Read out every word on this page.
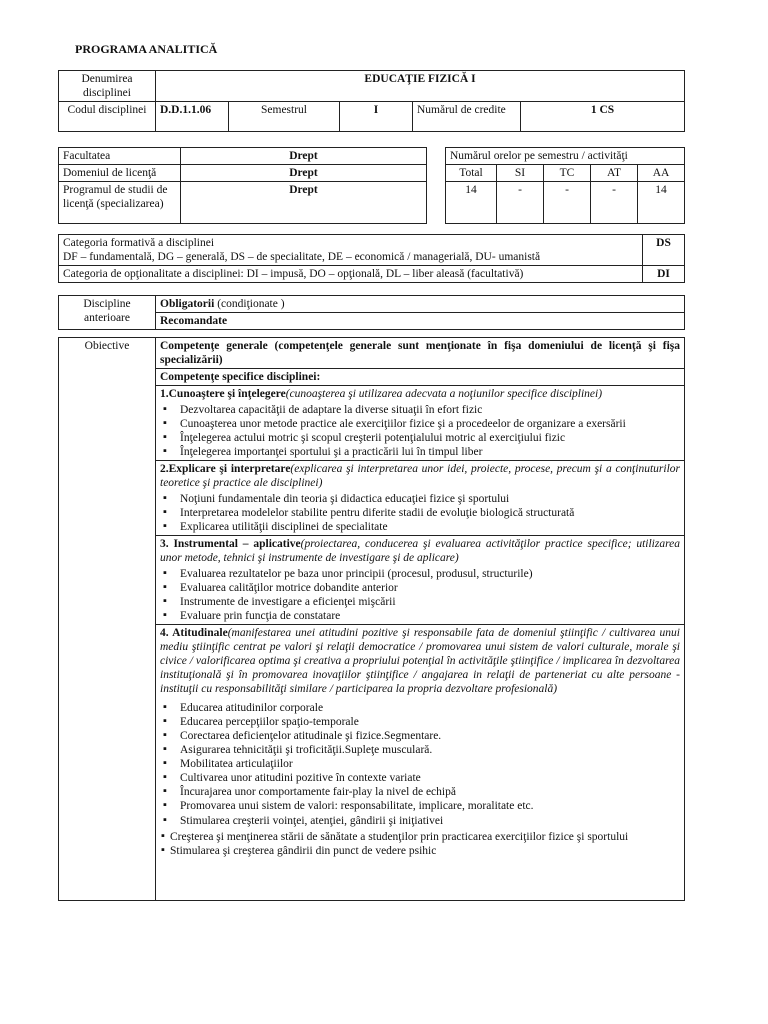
PROGRAMA ANALITICĂ
Denumirea disciplinei	EDUCAŢIE FIZICĂ I				
Codul disciplinei	D.D.1.1.06	Semestrul	I	Numărul de credite	1 CS
Facultatea	Drept
Domeniul de licenţă	Drept
Programul de studii de licenţă (specializarea)	Drept
Numărul orelor pe semestru / activităţi				
Total	SI	TC	AT	AA
14	-	-	-	14
Categoria formativă a disciplinei
DF – fundamentală, DG – generală, DS – de specialitate, DE – economică / managerială, DU- umanistă	DS
Categoria de opţionalitate a disciplinei: DI – impusă, DO – opţională, DL – liber aleasă (facultativă)	DI
Discipline anterioare	Obligatorii (condiţionate )
Recomandate
Obiective	Competenţe generale (competenţele generale sunt menţionate în fişa domeniului de licenţă şi fişa specializării)
Competenţe specifice disciplinei:

1.Cunoaştere şi înţelegere(cunoaşterea şi utilizarea adecvata a noţiunilor specifice disciplinei)
▪ Dezvoltarea capacităţii de adaptare la diverse situaţii în efort fizic
▪ Cunoaşterea unor metode practice ale exerciţiilor fizice şi a procedeelor de organizare a exersării
▪ Înţelegerea actului motric şi scopul creşterii potenţialului motric al exerciţiului fizic
▪ Înţelegerea importanţei sportului şi a practicării lui în timpul liber

2.Explicare şi interpretare(explicarea şi interpretarea unor idei, proiecte, procese, precum şi a conţinuturilor teoretice şi practice ale disciplinei)
▪ Noţiuni fundamentale din teoria şi didactica educaţiei fizice şi sportului
▪ Interpretarea modelelor stabilite pentru diferite stadii de evoluţie biologică structurată
▪ Explicarea utilităţii disciplinei de specialitate

3. Instrumental – aplicative(proiectarea, conducerea şi evaluarea activităţilor practice specifice; utilizarea unor metode, tehnici şi instrumente de investigare şi de aplicare)
▪ Evaluarea rezultatelor pe baza unor principii (procesul, produsul, structurile)
▪ Evaluarea calităţilor motrice dobandite anterior
▪ Instrumente de investigare a eficienţei mişcării
▪ Evaluare prin funcţia de constatare

4. Atitudinale(manifestarea unei atitudini pozitive şi responsabile fata de domeniul ştiinţific / cultivarea unui mediu ştiinţific centrat pe valori şi relaţii democratice / promovarea unui sistem de valori culturale, morale şi civice / valorificarea optima şi creativa a propriului potenţial în activităţile ştiinţifice / implicarea în dezvoltarea instituţională şi în promovarea inovaţiilor ştiinţifice / angajarea in relaţii de parteneriat cu alte persoane - instituţii cu responsabilităţi similare / participarea la propria dezvoltare profesională)
▪ Educarea atitudinilor corporale
▪ Educarea percepţiilor spaţio-temporale
▪ Corectarea deficienţelor atitudinale şi fizice.Segmentare.
▪ Asigurarea tehnicităţii şi troficităţii.Supleţe musculară.
▪ Mobilitatea articulaţiilor
▪ Cultivarea unor atitudini pozitive în contexte variate
▪ Încurajarea unor comportamente fair-play la nivel de echipă
▪ Promovarea unui sistem de valori: responsabilitate, implicare, moralitate etc.
▪ Stimularea creşterii voinţei, atenţiei, gândirii şi iniţiativei
▪ Creşterea şi menţinerea stării de sănătate a studenţilor prin practicarea exerciţiilor fizice şi sportului
▪ Stimularea şi creşterea gândirii din punct de vedere psihic
